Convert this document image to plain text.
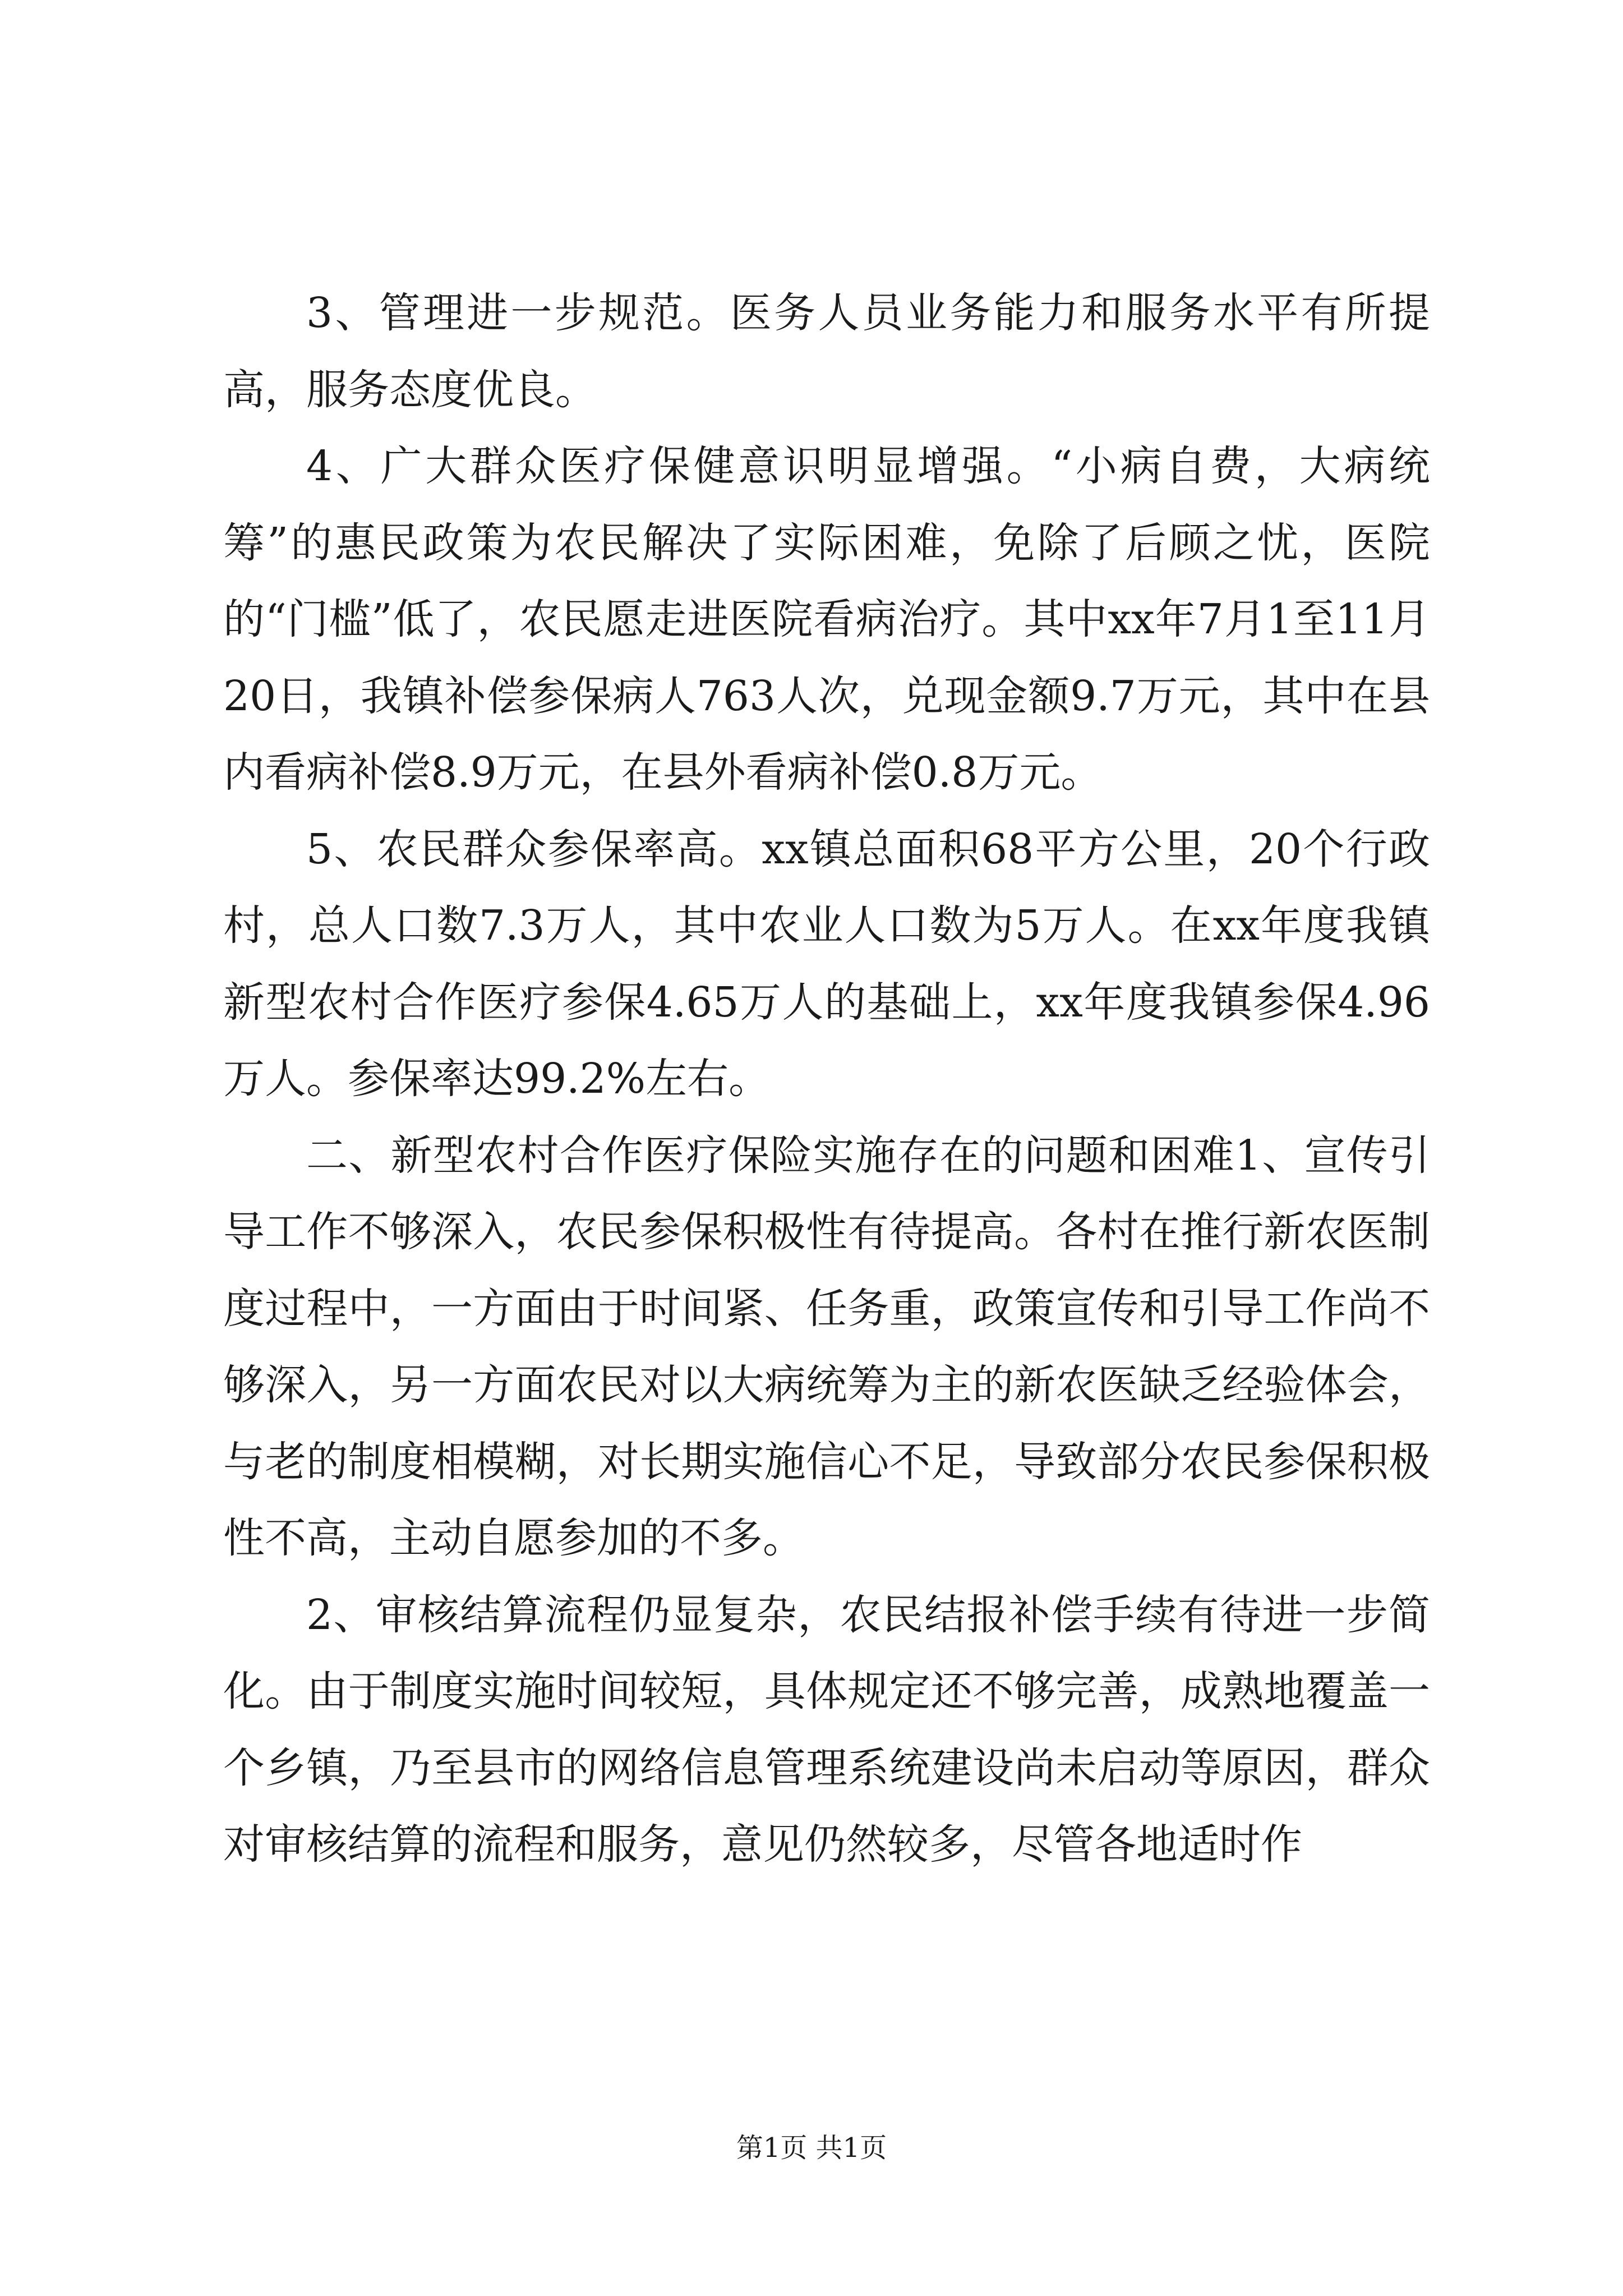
3、管理进一步规范。医务人员业务能力和服务水平有所提高，服务态度优良。

4、广大群众医疗保健意识明显增强。“小病自费，大病统筹”的惠民政策为农民解决了实际困难，免除了后顾之忧，医院的“门槛”低了，农民愿走进医院看病治疗。其中xx年7月1至11月20日，我镇补偿参保病人763人次，兑现金额9.7万元，其中在县内看病补偿8.9万元，在县外看病补偿0.8万元。

5、农民群众参保率高。xx镇总面积68平方公里，20个行政村，总人口数7.3万人，其中农业人口数为5万人。在xx年度我镇新型农村合作医疗参保4.65万人的基础上，xx年度我镇参保4.96万人。参保率达99.2%左右。

二、新型农村合作医疗保险实施存在的问题和困难1、宣传引导工作不够深入，农民参保积极性有待提高。各村在推行新农医制度过程中，一方面由于时间紧、任务重，政策宣传和引导工作尚不够深入，另一方面农民对以大病统筹为主的新农医缺乏经验体会，与老的制度相模糊，对长期实施信心不足，导致部分农民参保积极性不高，主动自愿参加的不多。

2、审核结算流程仍显复杂，农民结报补偿手续有待进一步简化。由于制度实施时间较短，具体规定还不够完善，成熟地覆盖一个乡镇，乃至县市的网络信息管理系统建设尚未启动等原因，群众对审核结算的流程和服务，意见仍然较多，尽管各地适时作

第1页 共1页
